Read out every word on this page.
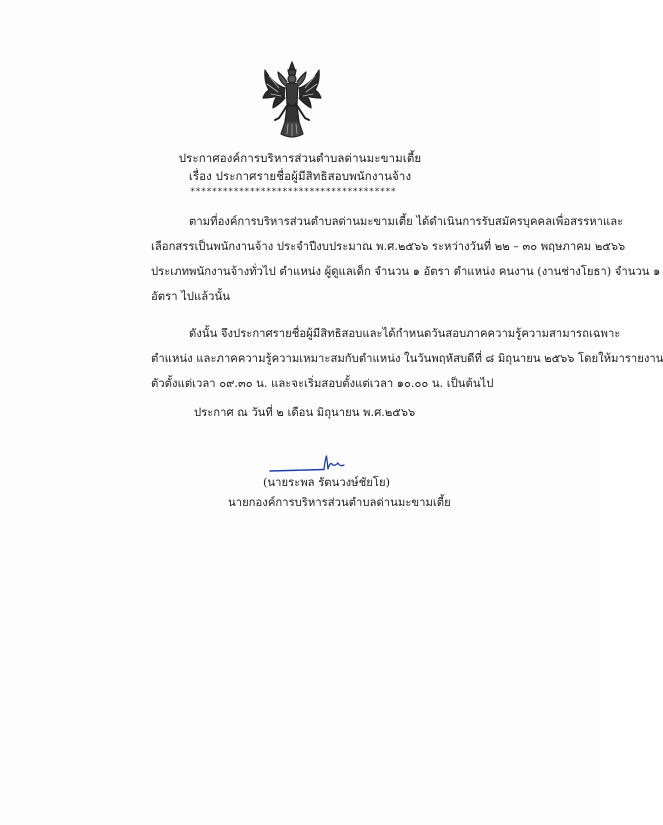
ประกาศองค์การบริหารส่วนตำบลด่านมะขามเตี้ย
เรื่อง ประกาศรายชื่อผู้มีสิทธิสอบพนักงานจ้าง
**************************************
ตามที่องค์การบริหารส่วนตำบลด่านมะขามเตี้ย ได้ดำเนินการรับสมัครบุคคลเพื่อสรรหาและ
เลือกสรรเป็นพนักงานจ้าง ประจำปีงบประมาณ พ.ศ.๒๕๖๖ ระหว่างวันที่ ๒๒ – ๓๐ พฤษภาคม ๒๕๖๖
ประเภทพนักงานจ้างทั่วไป ตำแหน่ง ผู้ดูแลเด็ก จำนวน ๑ อัตรา ตำแหน่ง คนงาน (งานช่างโยธา) จำนวน ๑
อัตรา ไปแล้วนั้น
ดังนั้น จึงประกาศรายชื่อผู้มีสิทธิสอบและได้กำหนดวันสอบภาคความรู้ความสามารถเฉพาะ
ตำแหน่ง และภาคความรู้ความเหมาะสมกับตำแหน่ง ในวันพฤหัสบดีที่ ๘ มิถุนายน ๒๕๖๖ โดยให้มารายงาน
ตัวตั้งแต่เวลา ๐๙.๓๐ น. และจะเริ่มสอบตั้งแต่เวลา ๑๐.๐๐ น. เป็นต้นไป
ประกาศ ณ วันที่ ๒ เดือน มิถุนายน พ.ศ.๒๕๖๖
(นายระพล รัตนวงษ์ชัยโย)
นายกองค์การบริหารส่วนตำบลด่านมะขามเตี้ย
